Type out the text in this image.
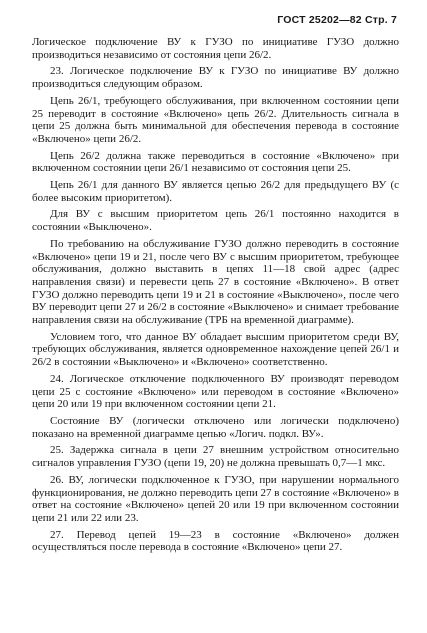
ГОСТ 25202—82 Стр. 7

Логическое подключение ВУ к ГУЗО по инициативе ГУЗО должно производиться независимо от состояния цепи 26/2.

23. Логическое подключение ВУ к ГУЗО по инициативе ВУ должно производиться следующим образом.

Цепь 26/1, требующего обслуживания, при включенном состоянии цепи 25 переводит в состояние «Включено» цепь 26/2. Длительность сигнала в цепи 25 должна быть минимальной для обеспечения перевода в состояние «Включено» цепи 26/2.

Цепь 26/2 должна также переводиться в состояние «Включено» при включенном состоянии цепи 26/1 независимо от состояния цепи 25.

Цепь 26/1 для данного ВУ является цепью 26/2 для предыдущего ВУ (с более высоким приоритетом).

Для ВУ с высшим приоритетом цепь 26/1 постоянно находится в состоянии «Выключено».

По требованию на обслуживание ГУЗО должно переводить в состояние «Включено» цепи 19 и 21, после чего ВУ с высшим приоритетом, требующее обслуживания, должно выставить в цепях 11—18 свой адрес (адрес направления связи) и перевести цепь 27 в состояние «Включено». В ответ ГУЗО должно переводить цепи 19 и 21 в состояние «Выключено», после чего ВУ переводит цепи 27 и 26/2 в состояние «Выключено» и снимает требование направления связи на обслуживание (ТРБ на временной диаграмме).

Условием того, что данное ВУ обладает высшим приоритетом среди ВУ, требующих обслуживания, является одновременное нахождение цепей 26/1 и 26/2 в состоянии «Выключено» и «Включено» соответственно.

24. Логическое отключение подключенного ВУ производят переводом цепи 25 с состояние «Включено» или переводом в состояние «Включено» цепи 20 или 19 при включенном состоянии цепи 21.

Состояние ВУ (логически отключено или логически подключено) показано на временной диаграмме цепью «Логич. подкл. ВУ».

25. Задержка сигнала в цепи 27 внешним устройством относительно сигналов управления ГУЗО (цепи 19, 20) не должна превышать 0,7—1 мкс.

26. ВУ, логически подключенное к ГУЗО, при нарушении нормального функционирования, не должно переводить цепи 27 в состояние «Включено» в ответ на состояние «Включено» цепей 20 или 19 при включенном состоянии цепи 21 или 22 или 23.

27. Перевод цепей 19—23 в состояние «Включено» должен осуществляться после перевода в состояние «Включено» цепи 27.
